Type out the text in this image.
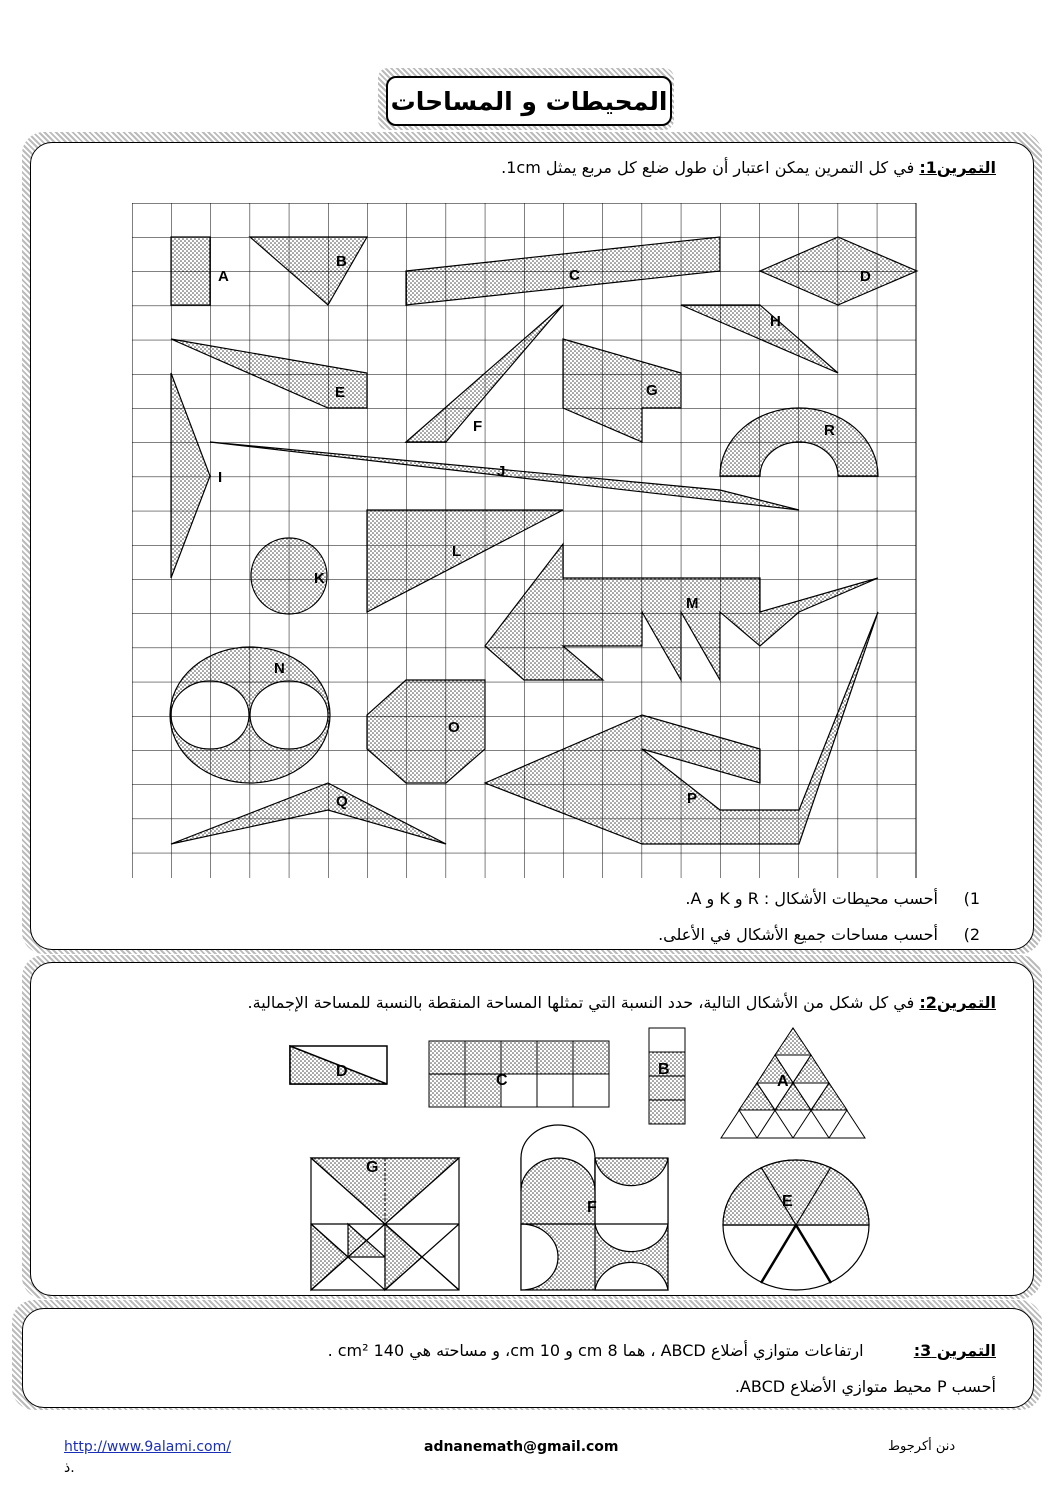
المحيطات و المساحات
التمرين1: في كل التمرين يمكن اعتبار أن طول ضلع كل مربع يمثل 1cm.
A
B
C	D
E
F
G
H
I	J
K
L
M
N
O
P
Q
R
أحسب محيطات الأشكال : R و K و A. 1)
أحسب مساحات جميع الأشكال في الأعلى. 2)
التمرين2: في كل شكل من الأشكال التالية، حدد النسبة التي تمثلها المساحة المنقطة بالنسبة للمساحة الإجمالية.
A
B
C
D
E
F
G
التمرين 3:  ارتفاعات متوازي أضلاع ABCD ، هما 8 cm و 10 cm، و مساحته هي 140 cm² .
أحسب P محيط متوازي الأضلاع ABCD.
http://www.9alami.com/
ذ.
adnanemath@gmail.com	دنن أكرجوط
